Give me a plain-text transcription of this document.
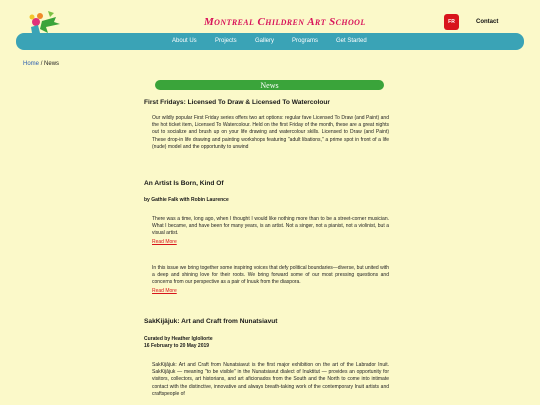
Montreal Children Art School	FR	Contact
About Us	Projects	Gallery	Programs	Get Started
Home / News
News
First Fridays: Licensed To Draw & Licensed To Watercolour
Our wildly popular First Friday series offers two art options: regular fave Licensed To Draw (and Paint) and the hot ticket item, Licensed To Watercolour. Held on the first Friday of the month, these are a great nights out to socialize and brush up on your life drawing and watercolour skills. Licensed to Draw (and Paint) These drop-in life drawing and painting workshops featuring "adult libations," a prime spot in front of a life (nude) model and the opportunity to unwind
An Artist Is Born, Kind Of
by Gathie Falk with Robin Laurence
There was a time, long ago, when I thought I would like nothing more than to be a street-corner musician. What I became, and have been for many years, is an artist. Not a singer, not a pianist, not a violinist, but a visual artist.
Read More
In this issue we bring together some inspiring voices that defy political boundaries—diverse, but united with a deep and shining love for their roots. We bring forward some of our most pressing questions and concerns from our perspective as a pair of Inuuk from the diaspora.
Read More
SakKijâjuk: Art and Craft from Nunatsiavut
Curated by Heather Igloliorte
16 February to 20 May 2019
SakKijâjuk: Art and Craft from Nunatsiavut is the first major exhibition on the art of the Labrador Inuit. SakKijâjuk — meaning "to be visible" in the Nunatsiavut dialect of Inuktitut — provides an opportunity for visitors, collectors, art historians, and art aficionados from the South and the North to come into intimate contact with the distinctive, innovative and always breath-taking work of the contemporary Inuit artists and craftspeople of
